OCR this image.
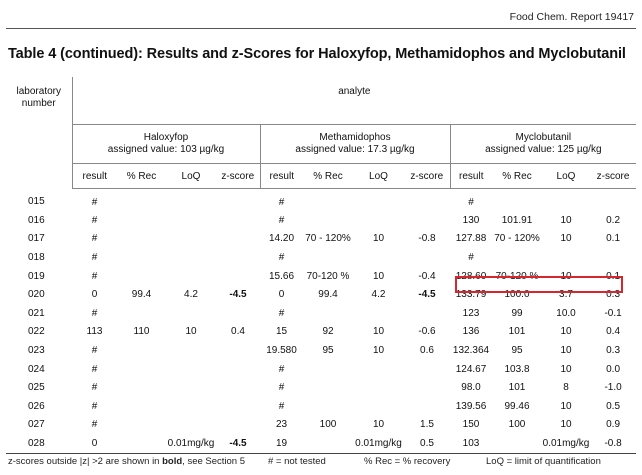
Food Chem. Report 19417
Table 4 (continued): Results and z-Scores for Haloxyfop, Methamidophos and Myclobutanil
laboratory
number	analyte											
	Haloxyfop
assigned value: 103 µg/kg				Methamidophos
assigned value: 17.3 µg/kg				Myclobutanil
assigned value: 125 µg/kg			
	result	% Rec	LoQ	z-score	result	% Rec	LoQ	z-score	result	% Rec	LoQ	z-score
015	#				#				#			
016	#				#				130	101.91	10	0.2
017	#				14.20	70 - 120%	10	-0.8	127.88	70 - 120%	10	0.1
018	#				#				#			
019	#				15.66	70-120 %	10	-0.4	128.60	70-120 %	10	0.1
020	0	99.4	4.2	-4.5	0	99.4	4.2	-4.5	133.79	100.0	3.7	0.3
021	#				#				123	99	10.0	-0.1
022	113	110	10	0.4	15	92	10	-0.6	136	101	10	0.4
023	#				19.580	95	10	0.6	132.364	95	10	0.3
024	#				#				124.67	103.8	10	0.0
025	#				#				98.0	101	8	-1.0
026	#				#				139.56	99.46	10	0.5
027	#				23	100	10	1.5	150	100	10	0.9
028	0		0.01mg/kg	-4.5	19		0.01mg/kg	0.5	103		0.01mg/kg	-0.8
z-scores outside |z| >2 are shown in bold, see Section 5 # = not tested	% Rec = % recovery	LoQ = limit of quantification
